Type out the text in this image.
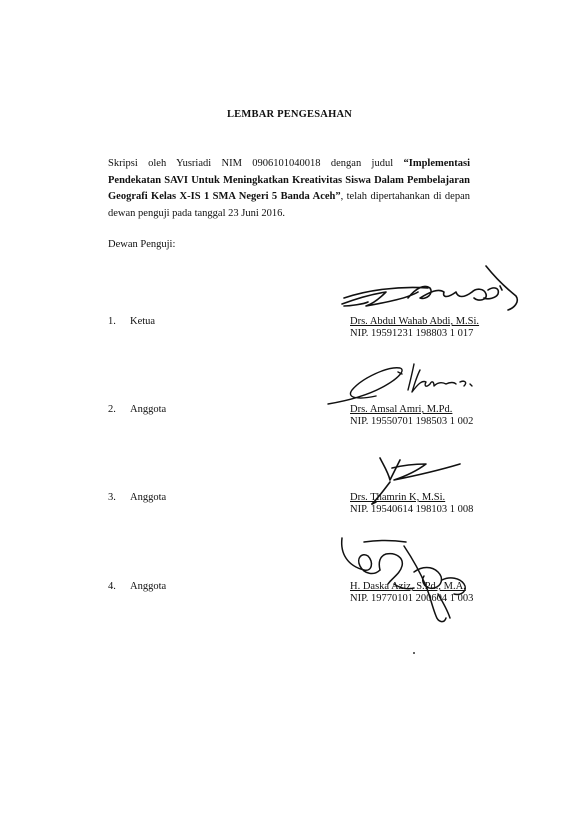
LEMBAR PENGESAHAN
Skripsi oleh Yusriadi NIM 0906101040018 dengan judul “Implementasi Pendekatan SAVI Untuk Meningkatkan Kreativitas Siswa Dalam Pembelajaran Geografi Kelas X-IS 1 SMA Negeri 5 Banda Aceh”, telah dipertahankan di depan dewan penguji pada tanggal 23 Juni 2016.
Dewan Penguji:
1. Ketua	Drs. Abdul Wahab Abdi, M.Si.
NIP. 19591231 198803 1 017
2. Anggota	Drs. Amsal Amri, M.Pd.
NIP. 19550701 198503 1 002
3. Anggota	Drs. Thamrin K, M.Si.
NIP. 19540614 198103 1 008
4. Anggota	H. Daska Aziz, S.Pd., M.A.
NIP. 19770101 200604 1 003
